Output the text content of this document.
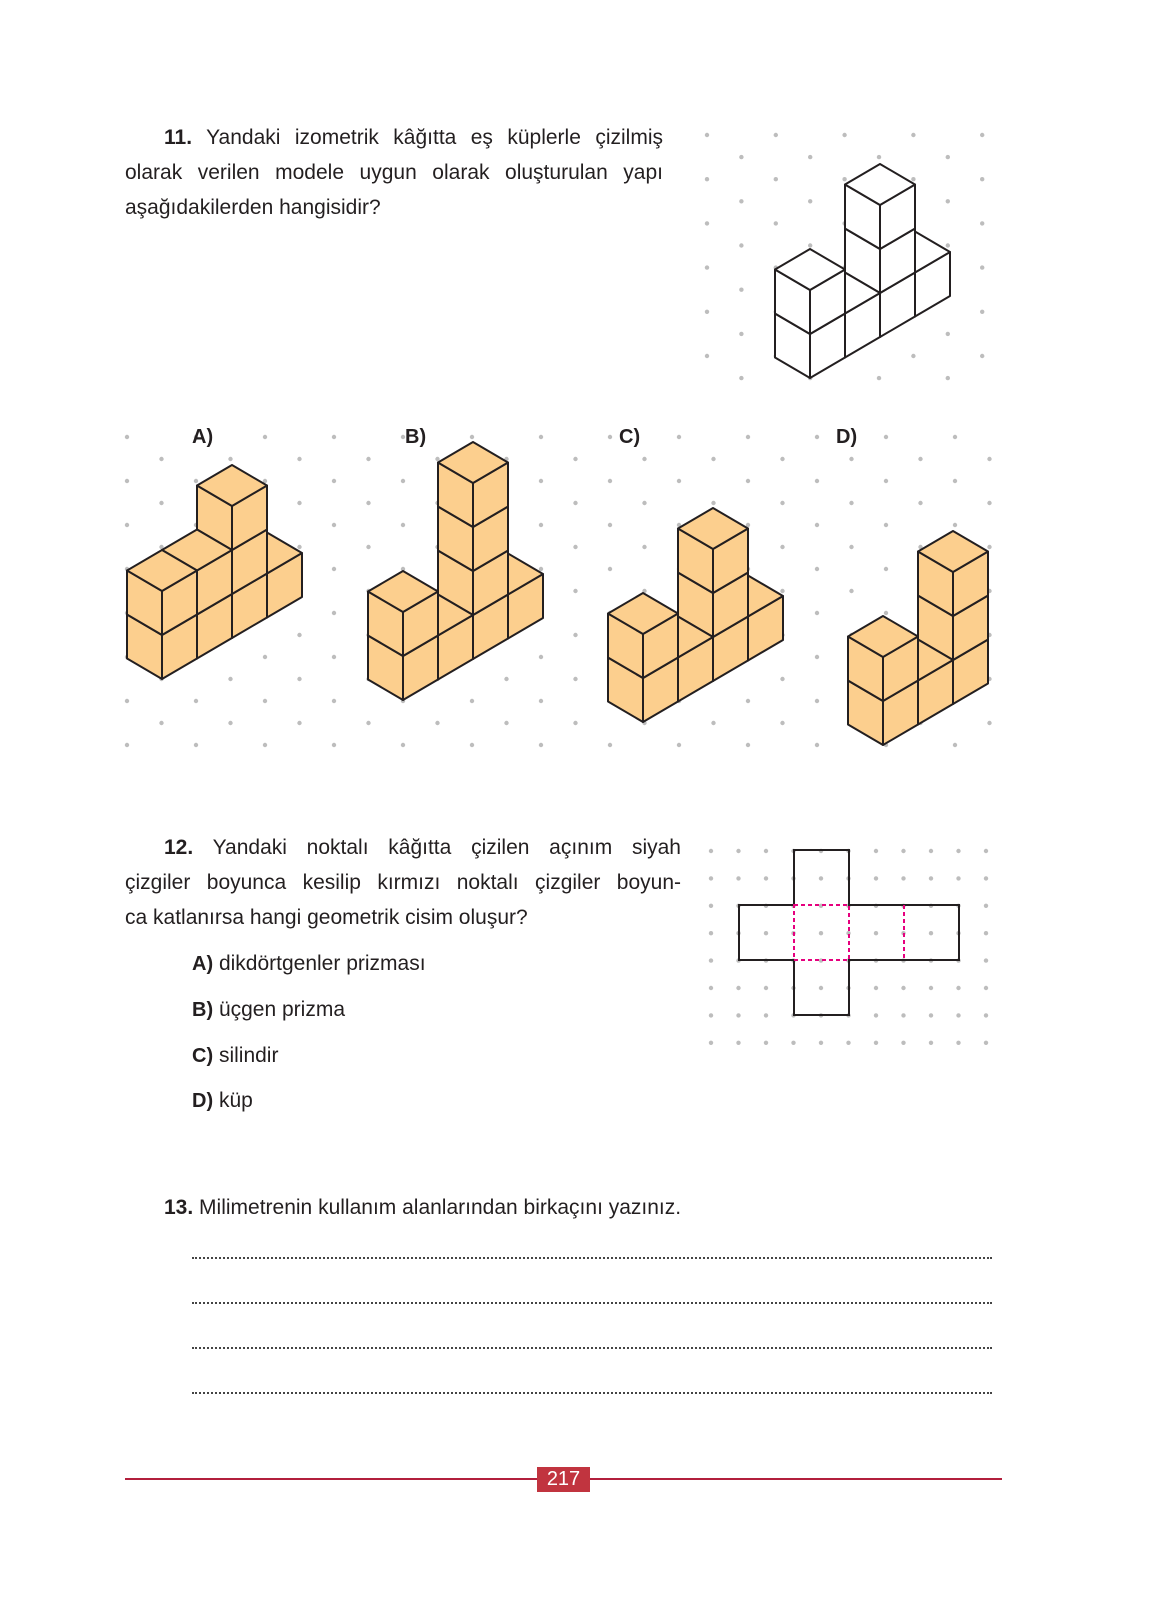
11. Yandaki izometrik kâğıtta eş küplerle çizilmiş
olarak verilen modele uygun olarak oluşturulan yapı
aşağıdakilerden hangisidir?
A)	B)	C)	D)
12. Yandaki noktalı kâğıtta çizilen açınım siyah
çizgiler boyunca kesilip kırmızı noktalı çizgiler boyun-
ca katlanırsa hangi geometrik cisim oluşur?
A) dikdörtgenler prizması
B) üçgen prizma
C) silindir
D) küp
13. Milimetrenin kullanım alanlarından birkaçını yazınız.
217
